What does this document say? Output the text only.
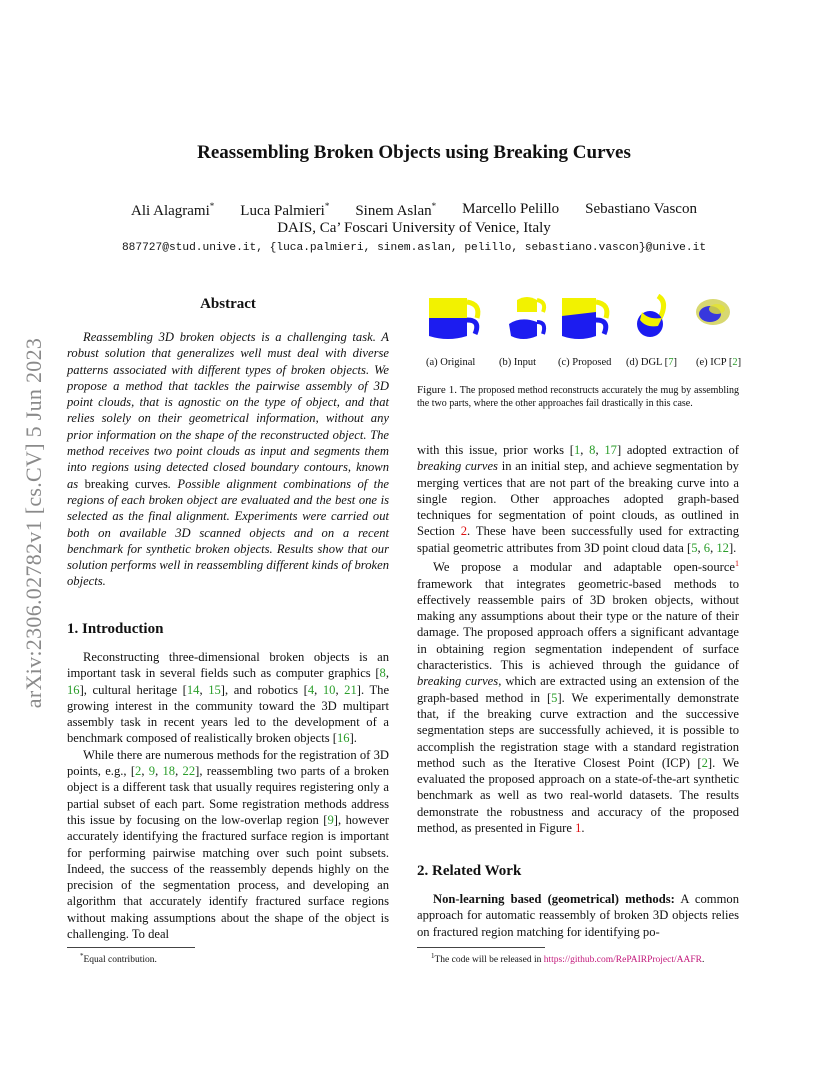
arXiv:2306.02782v1 [cs.CV] 5 Jun 2023
Reassembling Broken Objects using Breaking Curves
Ali Alagrami* Luca Palmieri* Sinem Aslan* Marcello Pelillo Sebastiano Vascon
DAIS, Ca’ Foscari University of Venice, Italy
887727@stud.unive.it, {luca.palmieri, sinem.aslan, pelillo, sebastiano.vascon}@unive.it
Abstract
Reassembling 3D broken objects is a challenging task. A robust solution that generalizes well must deal with diverse patterns associated with different types of broken objects. We propose a method that tackles the pairwise assembly of 3D point clouds, that is agnostic on the type of object, and that relies solely on their geometrical information, without any prior information on the shape of the reconstructed object. The method receives two point clouds as input and segments them into regions using detected closed boundary contours, known as breaking curves. Possible alignment combinations of the regions of each broken object are evaluated and the best one is selected as the final alignment. Experiments were carried out both on available 3D scanned objects and on a recent benchmark for synthetic broken objects. Results show that our solution performs well in reassembling different kinds of broken objects.
1. Introduction

Reconstructing three-dimensional broken objects is an important task in several fields such as computer graphics [8, 16], cultural heritage [14, 15], and robotics [4, 10, 21]. The growing interest in the community toward the 3D multipart assembly task in recent years led to the development of a benchmark composed of realistically broken objects [16].

While there are numerous methods for the registration of 3D points, e.g., [2, 9, 18, 22], reassembling two parts of a broken object is a different task that usually requires registering only a partial subset of each part. Some registration methods address this issue by focusing on the low-overlap region [9], however accurately identifying the fractured surface region is important for performing pairwise matching over such point subsets. Indeed, the success of the reassembly depends highly on the precision of the segmentation process, and developing an algorithm that accurately identify fractured surface regions without making assumptions about the shape of the object is challenging. To deal

*Equal contribution.
(a) Original (b) Input (c) Proposed (d) DGL [7] (e) ICP [2]
Figure 1. The proposed method reconstructs accurately the mug by assembling the two parts, where the other approaches fail drastically in this case.

with this issue, prior works [1, 8, 17] adopted extraction of breaking curves in an initial step, and achieve segmentation by merging vertices that are not part of the breaking curve into a single region. Other approaches adopted graph-based techniques for segmentation of point clouds, as outlined in Section 2. These have been successfully used for extracting spatial geometric attributes from 3D point cloud data [5, 6, 12].

We propose a modular and adaptable open-source$^1$ framework that integrates geometric-based methods to effectively reassemble pairs of 3D broken objects, without making any assumptions about their type or the nature of their damage. The proposed approach offers a significant advantage in obtaining region segmentation independent of surface characteristics. This is achieved through the guidance of breaking curves, which are extracted using an extension of the graph-based method in [5]. We experimentally demonstrate that, if the breaking curve extraction and the successive segmentation steps are successfully achieved, it is possible to accomplish the registration stage with a standard registration method such as the Iterative Closest Point (ICP) [2]. We evaluated the proposed approach on a state-of-the-art synthetic benchmark as well as two real-world datasets. The results demonstrate the robustness and accuracy of the proposed method, as presented in Figure 1.

2. Related Work

Non-learning based (geometrical) methods: A common approach for automatic reassembly of broken 3D objects relies on fractured region matching for identifying po-

$^1$The code will be released in https://github.com/RePAIRProject/AAFR.
